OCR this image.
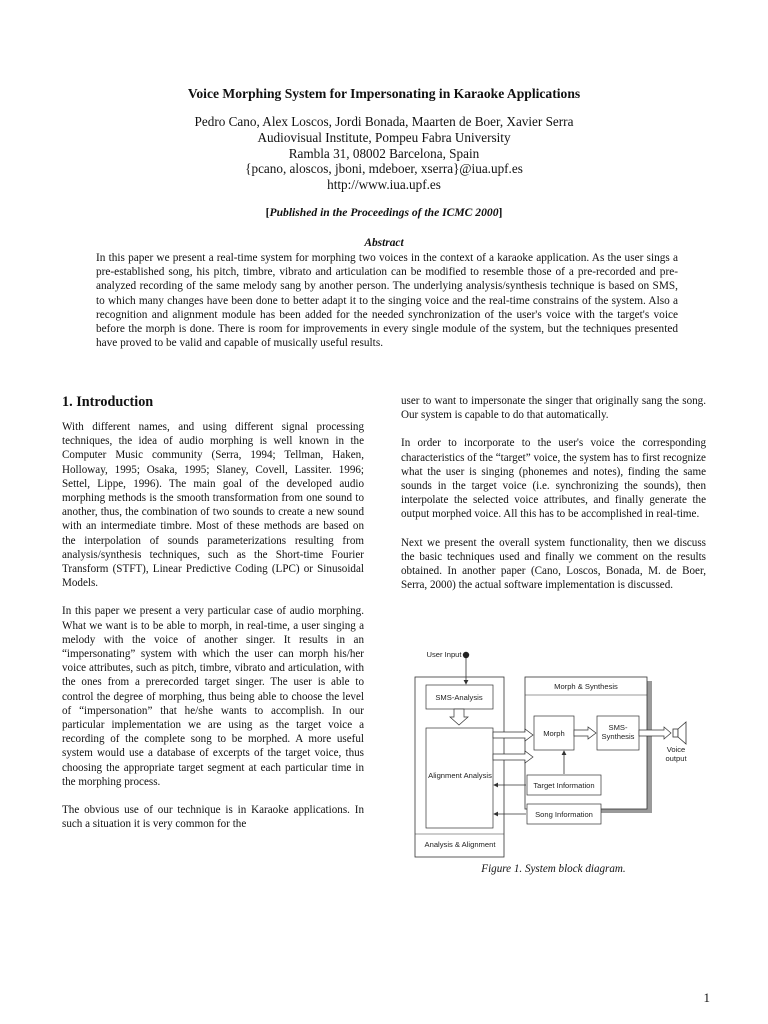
Voice Morphing System for Impersonating in Karaoke Applications
Pedro Cano, Alex Loscos, Jordi Bonada, Maarten de Boer, Xavier Serra
Audiovisual Institute, Pompeu Fabra University
Rambla 31, 08002 Barcelona, Spain
{pcano, aloscos, jboni, mdeboer, xserra}@iua.upf.es
http://www.iua.upf.es
[Published in the Proceedings of the ICMC 2000]
Abstract
In this paper we present a real-time system for morphing two voices in the context of a karaoke application. As the user sings a pre-established song, his pitch, timbre, vibrato and articulation can be modified to resemble those of a pre-recorded and pre-analyzed recording of the same melody sang by another person. The underlying analysis/synthesis technique is based on SMS, to which many changes have been done to better adapt it to the singing voice and the real-time constrains of the system. Also a recognition and alignment module has been added for the needed synchronization of the user's voice with the target's voice before the morph is done. There is room for improvements in every single module of the system, but the techniques presented have proved to be valid and capable of musically useful results.
1. Introduction

With different names, and using different signal processing techniques, the idea of audio morphing is well known in the Computer Music community (Serra, 1994; Tellman, Haken, Holloway, 1995; Osaka, 1995; Slaney, Covell, Lassiter. 1996; Settel, Lippe, 1996). The main goal of the developed audio morphing methods is the smooth transformation from one sound to another, thus, the combination of two sounds to create a new sound with an intermediate timbre. Most of these methods are based on the interpolation of sounds parameterizations resulting from analysis/synthesis techniques, such as the Short-time Fourier Transform (STFT), Linear Predictive Coding (LPC) or Sinusoidal Models.

In this paper we present a very particular case of audio morphing. What we want is to be able to morph, in real-time, a user singing a melody with the voice of another singer. It results in an “impersonating” system with which the user can morph his/her voice attributes, such as pitch, timbre, vibrato and articulation, with the ones from a prerecorded target singer. The user is able to control the degree of morphing, thus being able to choose the level of “impersonation” that he/she wants to accomplish. In our particular implementation we are using as the target voice a recording of the complete song to be morphed. A more useful system would use a database of excerpts of the target voice, thus choosing the appropriate target segment at each particular time in the morphing process.

The obvious use of our technique is in Karaoke applications. In such a situation it is very common for the

user to want to impersonate the singer that originally sang the song. Our system is capable to do that automatically.

In order to incorporate to the user's voice the corresponding characteristics of the “target” voice, the system has to first recognize what the user is singing (phonemes and notes), finding the same sounds in the target voice (i.e. synchronizing the sounds), then interpolate the selected voice attributes, and finally generate the output morphed voice. All this has to be accomplished in real-time.

Next we present the overall system functionality, then we discuss the basic techniques used and finally we comment on the results obtained. In another paper (Cano, Loscos, Bonada, M. de Boer, Serra, 2000) the actual software implementation is discussed.

Morph & Synthesis
Analysis & Alignment
SMS-Analysis
Alignment Analysis
User Input
Morph
SMS-
Synthesis
Voice
output
Target Information
Song Information
Figure 1. System block diagram.
1
